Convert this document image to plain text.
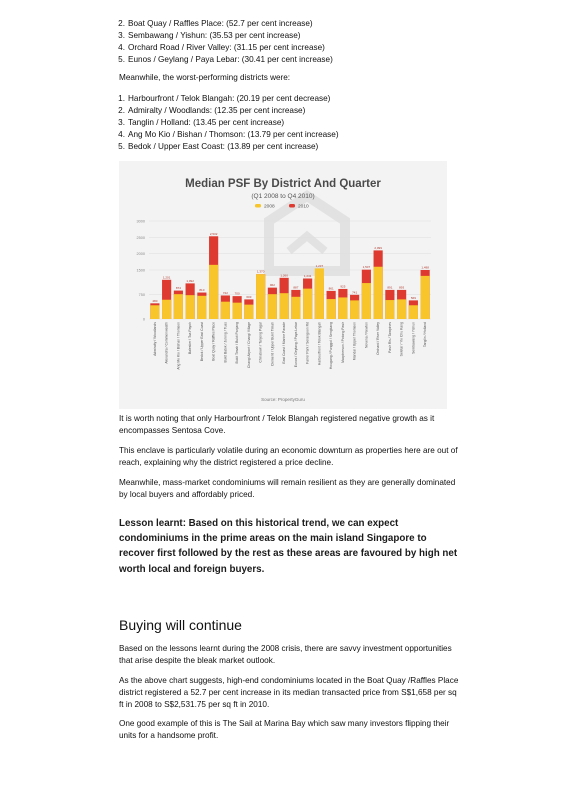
2. Boat Quay / Raffles Place: (52.7 per cent increase)
3. Sembawang / Yishun: (35.53 per cent increase)
4. Orchard Road / River Valley: (31.15 per cent increase)
5. Eunos / Geylang / Paya Lebar: (30.41 per cent increase)
Meanwhile, the worst-performing districts were:
1. Harbourfront / Telok Blangah: (20.19 per cent decrease)
2. Admiralty / Woodlands: (12.35 per cent increase)
3. Tanglin / Holland: (13.45 per cent increase)
4. Ang Mo Kio / Bishan / Thomson: (13.79 per cent increase)
5. Bedok / Upper East Coast: (13.89 per cent increase)
Median PSF By District And Quarter
(Q1 2008 to Q4 2010)
2008	2010
0
750
1500
2000
2500
3000
480
1,201
874
1,092
810
2,532
722 700
603
1,370
962
1,260
887
1,241
1,237
861 925
741
1,507
2,099
891 893
569
1,498
Admiralty / Woodlands Alexandra / Commonwealth Ang Mo Kio / Bishan / Thomson Balestier / Toa Payoh Bedok / Upper East Coast Boat Quay / Raffles Place Bukit Batok / Jurong / Tuas Bukit Timah / Bukit Panjang Changi Airport / Changi Village Chinatown / Tanjong Pagar Clementi / Upper Bukit Timah East Coast / Marine Parade Eunos / Geylang / Paya Lebar Farrer Park / Serangoon Rd Harbourfront / Telok Blangah Hougang / Punggol / Sengkang Macpherson / Potong Pasir Mandai / Upper Thomson Novena / Newton Orchard / River Valley Pasir Ris / Tampines Seletar / Yio Chu Kang Sembawang / Yishun Tanglin / Holland
Source: PropertyGuru
It is worth noting that only Harbourfront / Telok Blangah registered negative growth as it encompasses Sentosa Cove.
This enclave is particularly volatile during an economic downturn as properties here are out of reach, explaining why the district registered a price decline.
Meanwhile, mass-market condominiums will remain resilient as they are generally dominated by local buyers and affordably priced.
Lesson learnt: Based on this historical trend, we can expect condominiums in the prime areas on the main island Singapore to recover first followed by the rest as these areas are favoured by high net worth local and foreign buyers.
Buying will continue
Based on the lessons learnt during the 2008 crisis, there are savvy investment opportunities that arise despite the bleak market outlook.
As the above chart suggests, high-end condominiums located in the Boat Quay /Raffles Place district registered a 52.7 per cent increase in its median transacted price from S$1,658 per sq ft in 2008 to S$2,531.75 per sq ft in 2010.
One good example of this is The Sail at Marina Bay which saw many investors flipping their units for a handsome profit.
